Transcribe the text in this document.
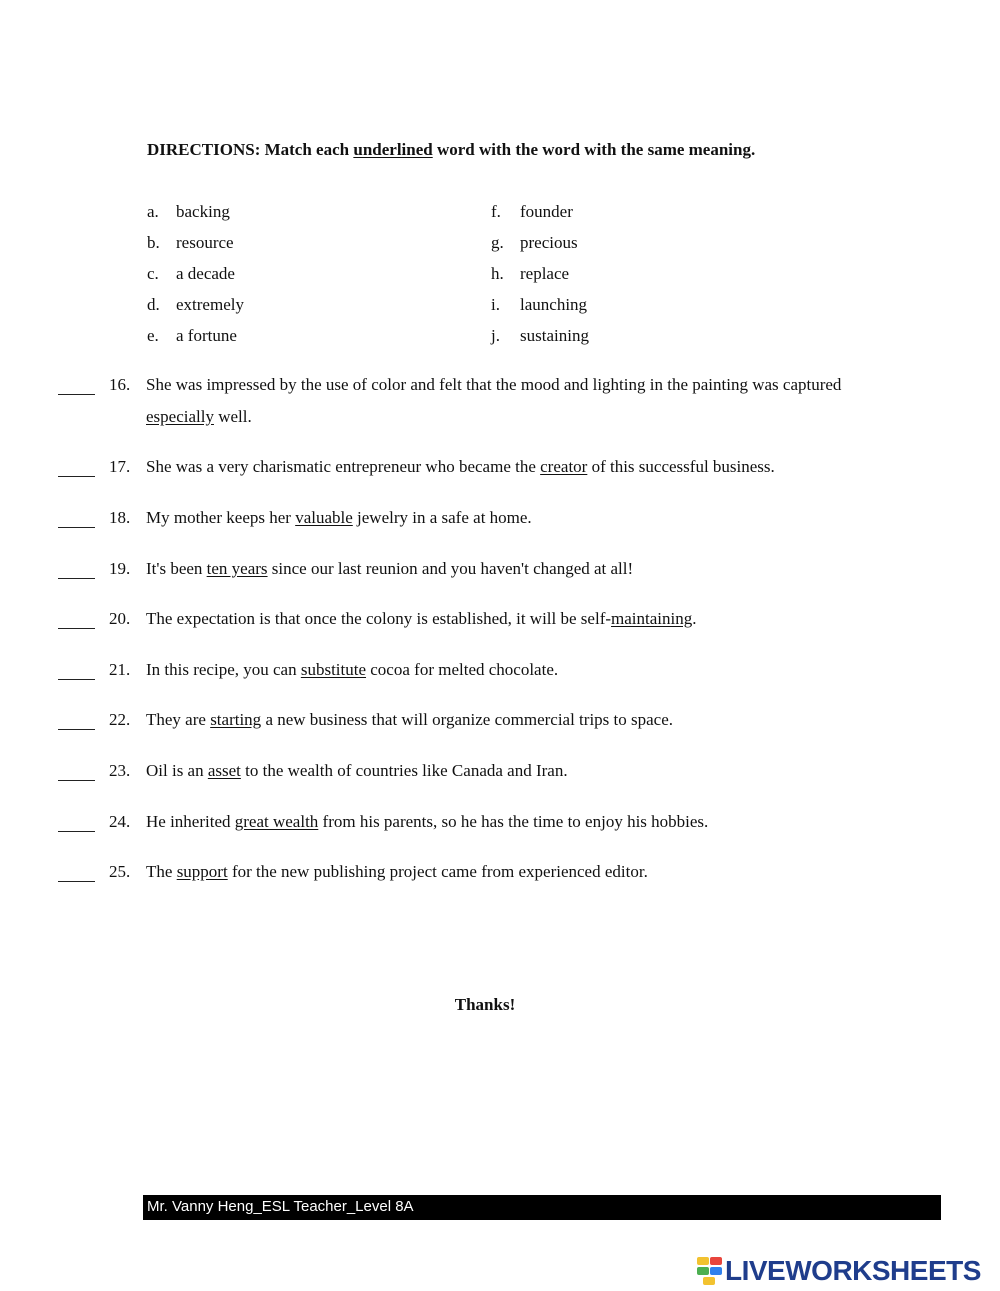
DIRECTIONS: Match each underlined word with the word with the same meaning.
a. backing
b. resource
c. a decade
d. extremely
e. a fortune
f. founder
g. precious
h. replace
i. launching
j. sustaining
16. She was impressed by the use of color and felt that the mood and lighting in the painting was captured
especially well.
17. She was a very charismatic entrepreneur who became the creator of this successful business.
18. My mother keeps her valuable jewelry in a safe at home.
19. It's been ten years since our last reunion and you haven't changed at all!
20. The expectation is that once the colony is established, it will be self-maintaining.
21. In this recipe, you can substitute cocoa for melted chocolate.
22. They are starting a new business that will organize commercial trips to space.
23. Oil is an asset to the wealth of countries like Canada and Iran.
24. He inherited great wealth from his parents, so he has the time to enjoy his hobbies.
25. The support for the new publishing project came from experienced editor.
Thanks!
Mr. Vanny Heng_ESL Teacher_Level 8A
LIVEWORKSHEETS
